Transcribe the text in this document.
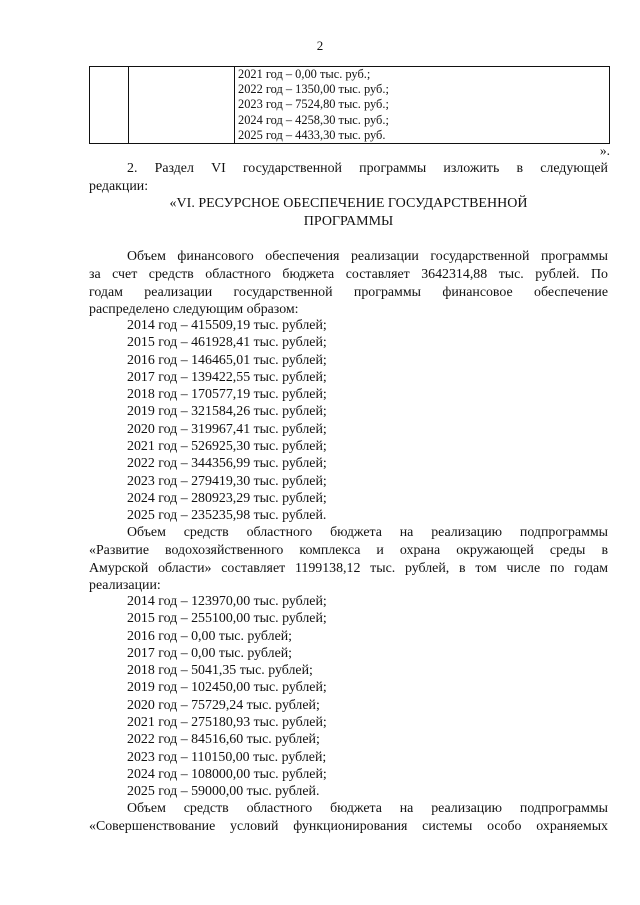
2

2021 год – 0,00 тыс. руб.;
2022 год – 1350,00 тыс. руб.;
2023 год – 7524,80 тыс. руб.;
2024 год – 4258,30 тыс. руб.;
2025 год – 4433,30 тыс. руб.
».
2. Раздел VI государственной программы изложить в следующей
редакции:
«VI. РЕСУРСНОЕ ОБЕСПЕЧЕНИЕ ГОСУДАРСТВЕННОЙ
ПРОГРАММЫ
Объем финансового обеспечения реализации государственной программы
за счет средств областного бюджета составляет 3642314,88 тыс. рублей. По
годам реализации государственной программы финансовое обеспечение
распределено следующим образом:
2014 год – 415509,19 тыс. рублей;
2015 год – 461928,41 тыс. рублей;
2016 год – 146465,01 тыс. рублей;
2017 год – 139422,55 тыс. рублей;
2018 год – 170577,19 тыс. рублей;
2019 год – 321584,26 тыс. рублей;
2020 год – 319967,41 тыс. рублей;
2021 год – 526925,30 тыс. рублей;
2022 год – 344356,99 тыс. рублей;
2023 год – 279419,30 тыс. рублей;
2024 год – 280923,29 тыс. рублей;
2025 год – 235235,98 тыс. рублей.
Объем средств областного бюджета на реализацию подпрограммы
«Развитие водохозяйственного комплекса и охрана окружающей среды в
Амурской области» составляет 1199138,12 тыс. рублей, в том числе по годам
реализации:
2014 год – 123970,00 тыс. рублей;
2015 год – 255100,00 тыс. рублей;
2016 год – 0,00 тыс. рублей;
2017 год – 0,00 тыс. рублей;
2018 год – 5041,35 тыс. рублей;
2019 год – 102450,00 тыс. рублей;
2020 год – 75729,24 тыс. рублей;
2021 год – 275180,93 тыс. рублей;
2022 год – 84516,60 тыс. рублей;
2023 год – 110150,00 тыс. рублей;
2024 год – 108000,00 тыс. рублей;
2025 год – 59000,00 тыс. рублей.
Объем средств областного бюджета на реализацию подпрограммы
«Совершенствование условий функционирования системы особо охраняемых
